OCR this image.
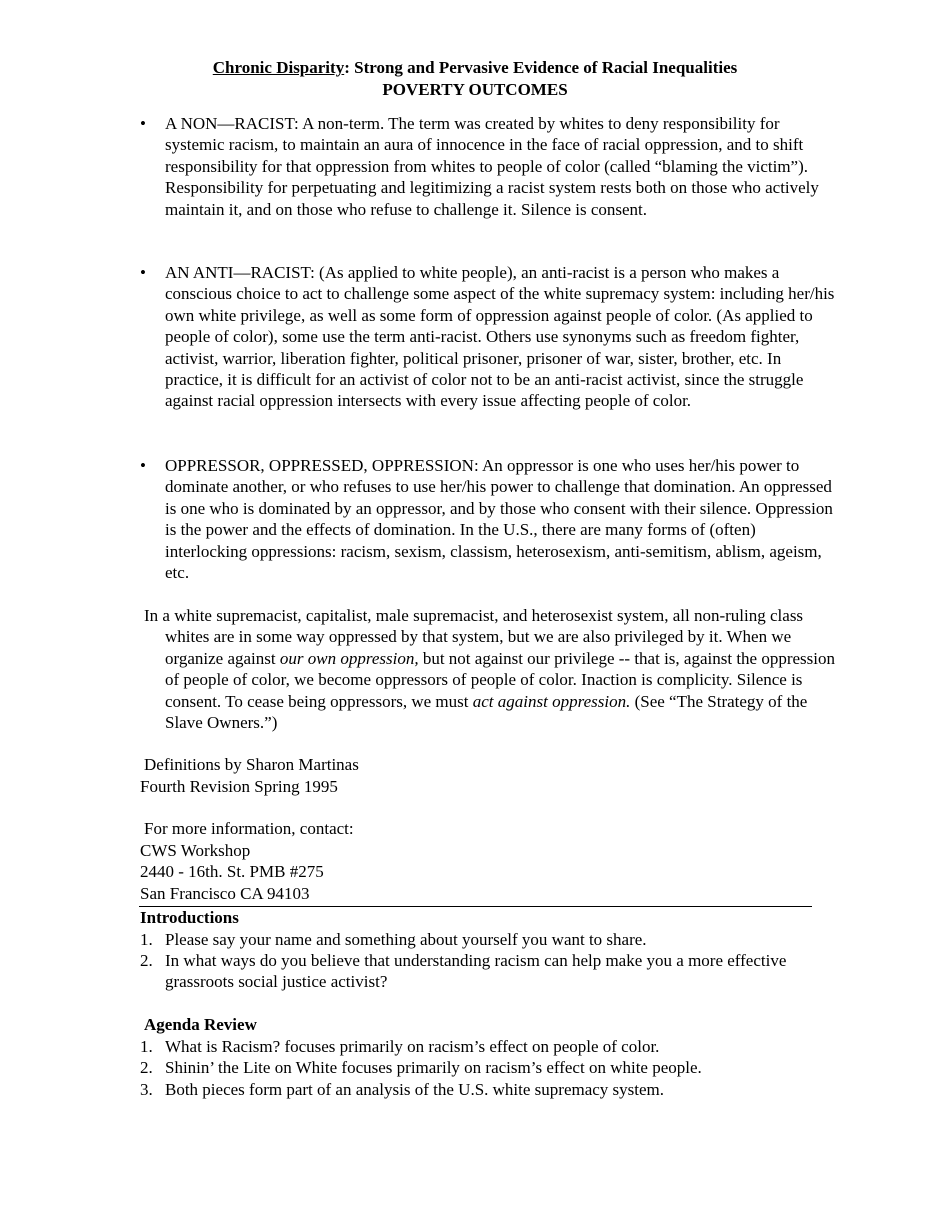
Chronic Disparity: Strong and Pervasive Evidence of Racial Inequalities
POVERTY OUTCOMES
• A NON—RACIST: A non-term. The term was created by whites to deny responsibility for systemic racism, to maintain an aura of innocence in the face of racial oppression, and to shift responsibility for that oppression from whites to people of color (called “blaming the victim”). Responsibility for perpetuating and legitimizing a racist system rests both on those who actively maintain it, and on those who refuse to challenge it. Silence is consent.
• AN ANTI—RACIST: (As applied to white people), an anti-racist is a person who makes a conscious choice to act to challenge some aspect of the white supremacy system: including her/his own white privilege, as well as some form of oppression against people of color. (As applied to people of color), some use the term anti-racist. Others use synonyms such as freedom fighter, activist, warrior, liberation fighter, political prisoner, prisoner of war, sister, brother, etc. In practice, it is difficult for an activist of color not to be an anti-racist activist, since the struggle against racial oppression intersects with every issue affecting people of color.
• OPPRESSOR, OPPRESSED, OPPRESSION: An oppressor is one who uses her/his power to dominate another, or who refuses to use her/his power to challenge that domination. An oppressed is one who is dominated by an oppressor, and by those who consent with their silence. Oppression is the power and the effects of domination. In the U.S., there are many forms of (often) interlocking oppressions: racism, sexism, classism, heterosexism, anti-semitism, ablism, ageism, etc.
In a white supremacist, capitalist, male supremacist, and heterosexist system, all non-ruling class whites are in some way oppressed by that system, but we are also privileged by it. When we organize against our own oppression, but not against our privilege -- that is, against the oppression of people of color, we become oppressors of people of color. Inaction is complicity. Silence is consent. To cease being oppressors, we must act against oppression. (See “The Strategy of the Slave Owners.”)
Definitions by Sharon Martinas
Fourth Revision Spring 1995
For more information, contact:
CWS Workshop
2440 - 16th. St. PMB #275
San Francisco CA 94103
Introductions
1. Please say your name and something about yourself you want to share.
2. In what ways do you believe that understanding racism can help make you a more effective grassroots social justice activist?
Agenda Review
1. What is Racism? focuses primarily on racism’s effect on people of color.
2. Shinin’ the Lite on White focuses primarily on racism’s effect on white people.
3. Both pieces form part of an analysis of the U.S. white supremacy system.
